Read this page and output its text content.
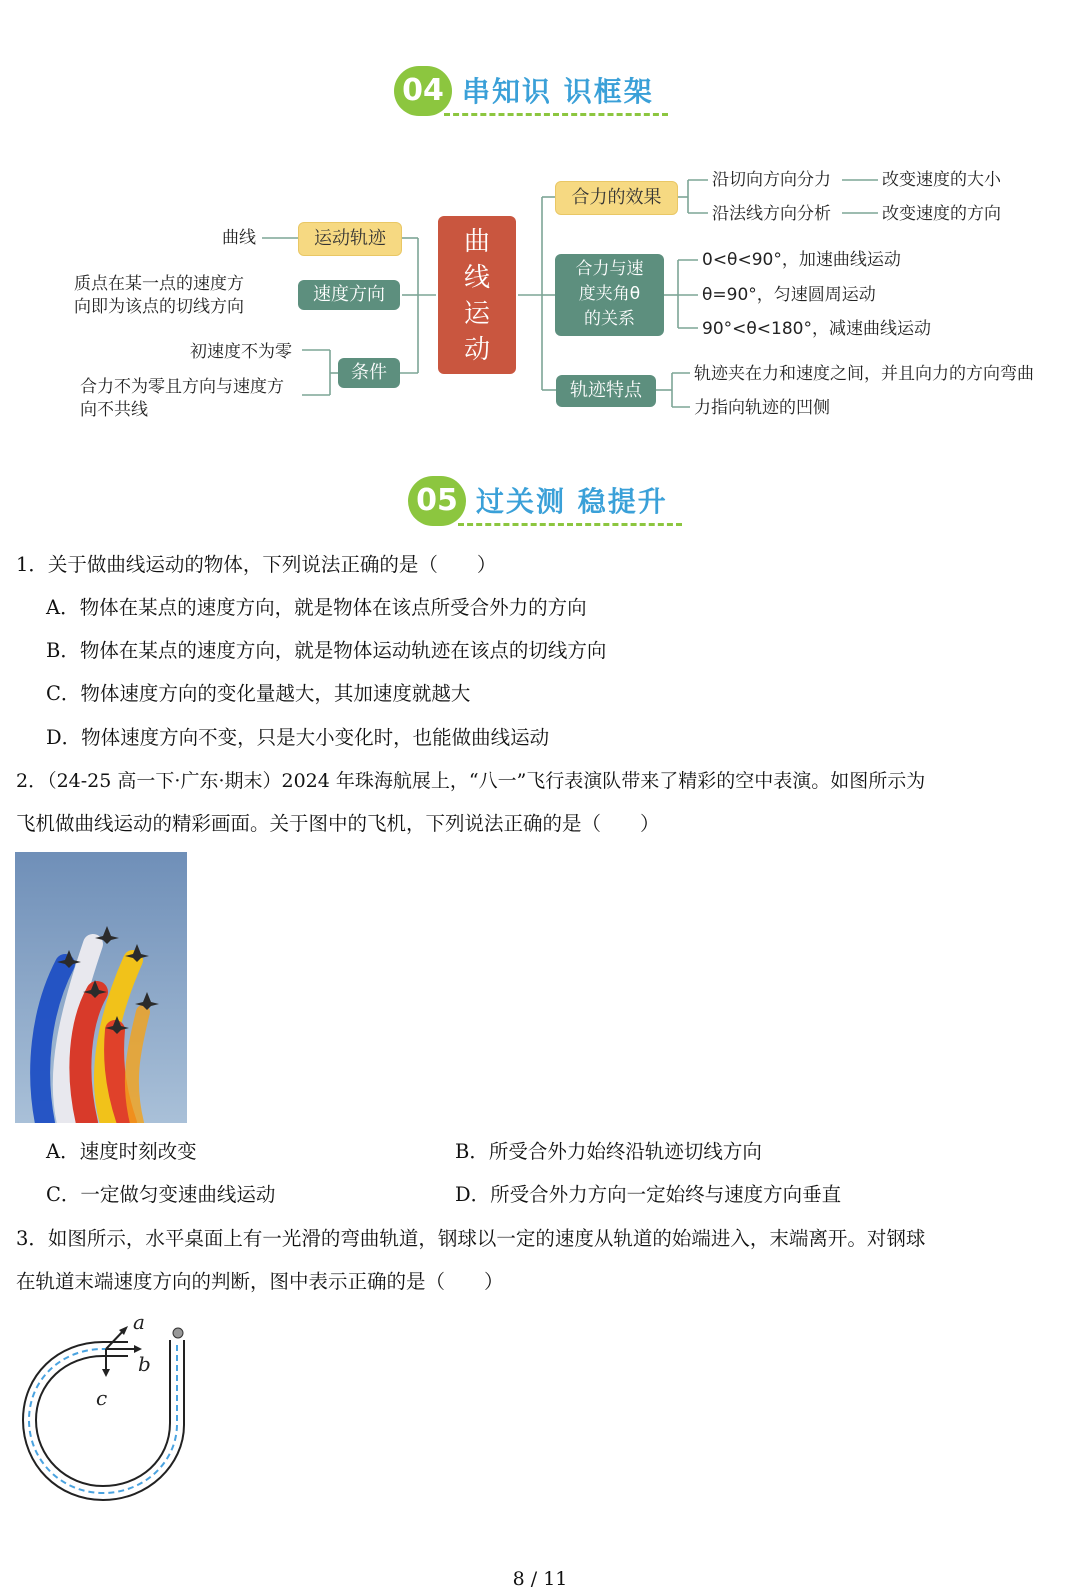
04 串知识 识框架
曲线运动
运动轨迹
曲线
速度方向
质点在某一点的速度方
向即为该点的切线方向
条件
初速度不为零
合力不为零且方向与速度方
向不共线
合力的效果
沿切向方向分力	改变速度的大小
沿法线方向分析	改变速度的方向
合力与速
度夹角θ
的关系
0<θ<90°，加速曲线运动
θ=90°，匀速圆周运动
90°<θ<180°，减速曲线运动
轨迹特点
轨迹夹在力和速度之间，并且向力的方向弯曲
力指向轨迹的凹侧
05 过关测 稳提升
1．关于做曲线运动的物体，下列说法正确的是（　　）
A．物体在某点的速度方向，就是物体在该点所受合外力的方向
B．物体在某点的速度方向，就是物体运动轨迹在该点的切线方向
C．物体速度方向的变化量越大，其加速度就越大
D．物体速度方向不变，只是大小变化时，也能做曲线运动
2．（24-25 高一下·广东·期末）2024 年珠海航展上，“八一”飞行表演队带来了精彩的空中表演。如图所示为
飞机做曲线运动的精彩画面。关于图中的飞机，下列说法正确的是（　　）
A．速度时刻改变	B．所受合外力始终沿轨迹切线方向
C．一定做匀变速曲线运动	D．所受合外力方向一定始终与速度方向垂直
3．如图所示，水平桌面上有一光滑的弯曲轨道，钢球以一定的速度从轨道的始端进入，末端离开。对钢球
在轨道末端速度方向的判断，图中表示正确的是（　　）
a
b
c
8 / 11
